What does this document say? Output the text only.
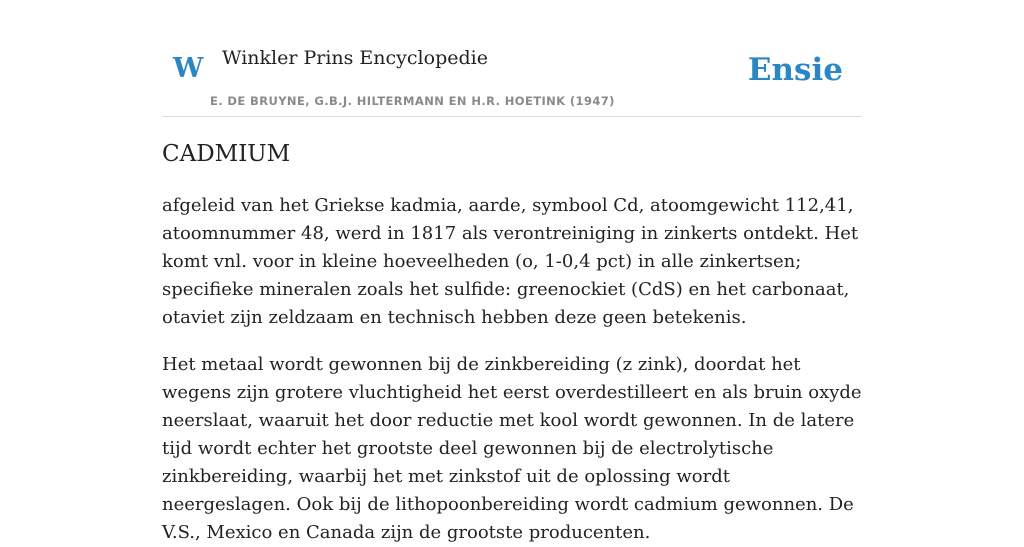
W Winkler Prins Encyclopedie
E. DE BRUYNE, G.B.J. HILTERMANN EN H.R. HOETINK (1947)
Ensie
CADMIUM

afgeleid van het Griekse kadmia, aarde, symbool Cd, atoomgewicht 112,41, atoomnummer 48, werd in 1817 als verontreiniging in zinkerts ontdekt. Het komt vnl. voor in kleine hoeveelheden (o, 1-0,4 pct) in alle zinkertsen; specifieke mineralen zoals het sulfide: greenockiet (CdS) en het carbonaat, otaviet zijn zeldzaam en technisch hebben deze geen betekenis.

Het metaal wordt gewonnen bij de zinkbereiding (z zink), doordat het wegens zijn grotere vluchtigheid het eerst overdestilleert en als bruin oxyde neerslaat, waaruit het door reductie met kool wordt gewonnen. In de latere tijd wordt echter het grootste deel gewonnen bij de electrolytische zinkbereiding, waarbij het met zinkstof uit de oplossing wordt neergeslagen. Ook bij de lithopoonbereiding wordt cadmium gewonnen. De V.S., Mexico en Canada zijn de grootste producenten.
